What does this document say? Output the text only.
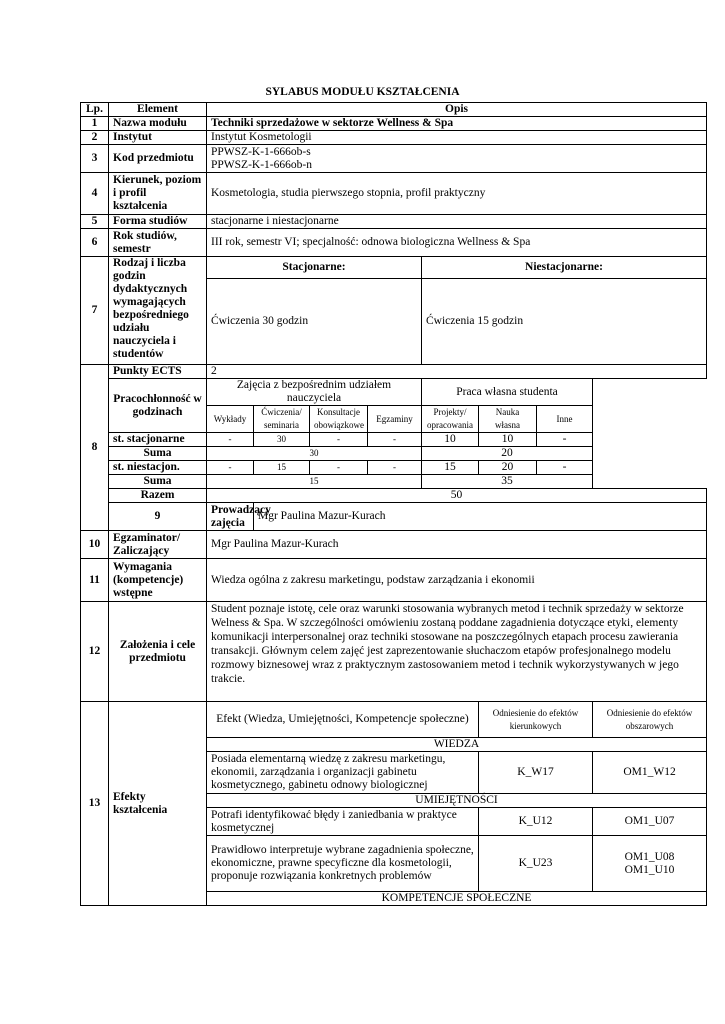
SYLABUS MODUŁU KSZTAŁCENIA
Lp.	Element	Opis							
1	Nazwa modułu	Techniki sprzedażowe w sektorze Wellness & Spa							
2	Instytut	Instytut Kosmetologii							
3	Kod przedmiotu	PPWSZ-K-1-666ob-s
PPWSZ-K-1-666ob-n							

4	Kierunek, poziom i profil kształcenia	Kosmetologia, studia pierwszego stopnia, profil praktyczny							
5	Forma studiów	stacjonarne i niestacjonarne							
6	Rok studiów, semestr	III rok, semestr VI; specjalność: odnowa biologiczna Wellness & Spa							
7	Rodzaj i liczba godzin dydaktycznych wymagających bezpośredniego udziału nauczyciela i studentów	Stacjonarne:				Niestacjonarne:			
		Ćwiczenia 30 godzin				Ćwiczenia 15 godzin			
8	Punkty ECTS	2							
	Pracochłonność w godzinach	Zajęcia z bezpośrednim udziałem nauczyciela				Praca własna studenta			
		Wykłady	Ćwiczenia/ seminaria	Konsultacje obowiązkowe	Egzaminy	Projekty/ opracowania	Nauka własna	Inne	
	st. stacjonarne	-	30	-	-	10	10	-	
	Suma	30				20			
	st. niestacjon.	-	15	-	-	15	20	-	
	Suma	15				35			
	Razem	50							
	9	Prowadzący zajęcia	Mgr Paulina Mazur-Kurach						
10	Egzaminator/ Zaliczający	Mgr Paulina Mazur-Kurach							
11	Wymagania (kompetencje) wstępne	Wiedza ogólna z zakresu marketingu, podstaw zarządzania i ekonomii							
12	Założenia i cele przedmiotu	Student poznaje istotę, cele oraz warunki stosowania wybranych metod i technik sprzedaży w sektorze Welness & Spa. W szczególności omówieniu zostaną poddane zagadnienia dotyczące etyki, elementy komunikacji interpersonalnej oraz techniki stosowane na poszczególnych etapach procesu zawierania transakcji. Głównym celem zajęć jest zaprezentowanie słuchaczom etapów profesjonalnego modelu rozmowy biznesowej wraz z praktycznym zastosowaniem metod i technik wykorzystywanych w jego trakcie.							
13	Efekty kształcenia	Efekt (Wiedza, Umiejętności, Kompetencje społeczne)					Odniesienie do efektów kierunkowych		Odniesienie do efektów obszarowych
		WIEDZA							
		Posiada elementarną wiedzę z zakresu marketingu, ekonomii, zarządzania i organizacji gabinetu kosmetycznego, gabinetu odnowy biologicznej					K_W17		OM1_W12
		UMIEJĘTNOŚCI							
		Potrafi identyfikować błędy i zaniedbania w praktyce kosmetycznej					K_U12		OM1_U07
		Prawidłowo interpretuje wybrane zagadnienia społeczne, ekonomiczne, prawne specyficzne dla kosmetologii, proponuje rozwiązania konkretnych problemów					K_U23		OM1_U08
OM1_U10

		KOMPETENCJE SPOŁECZNE							
